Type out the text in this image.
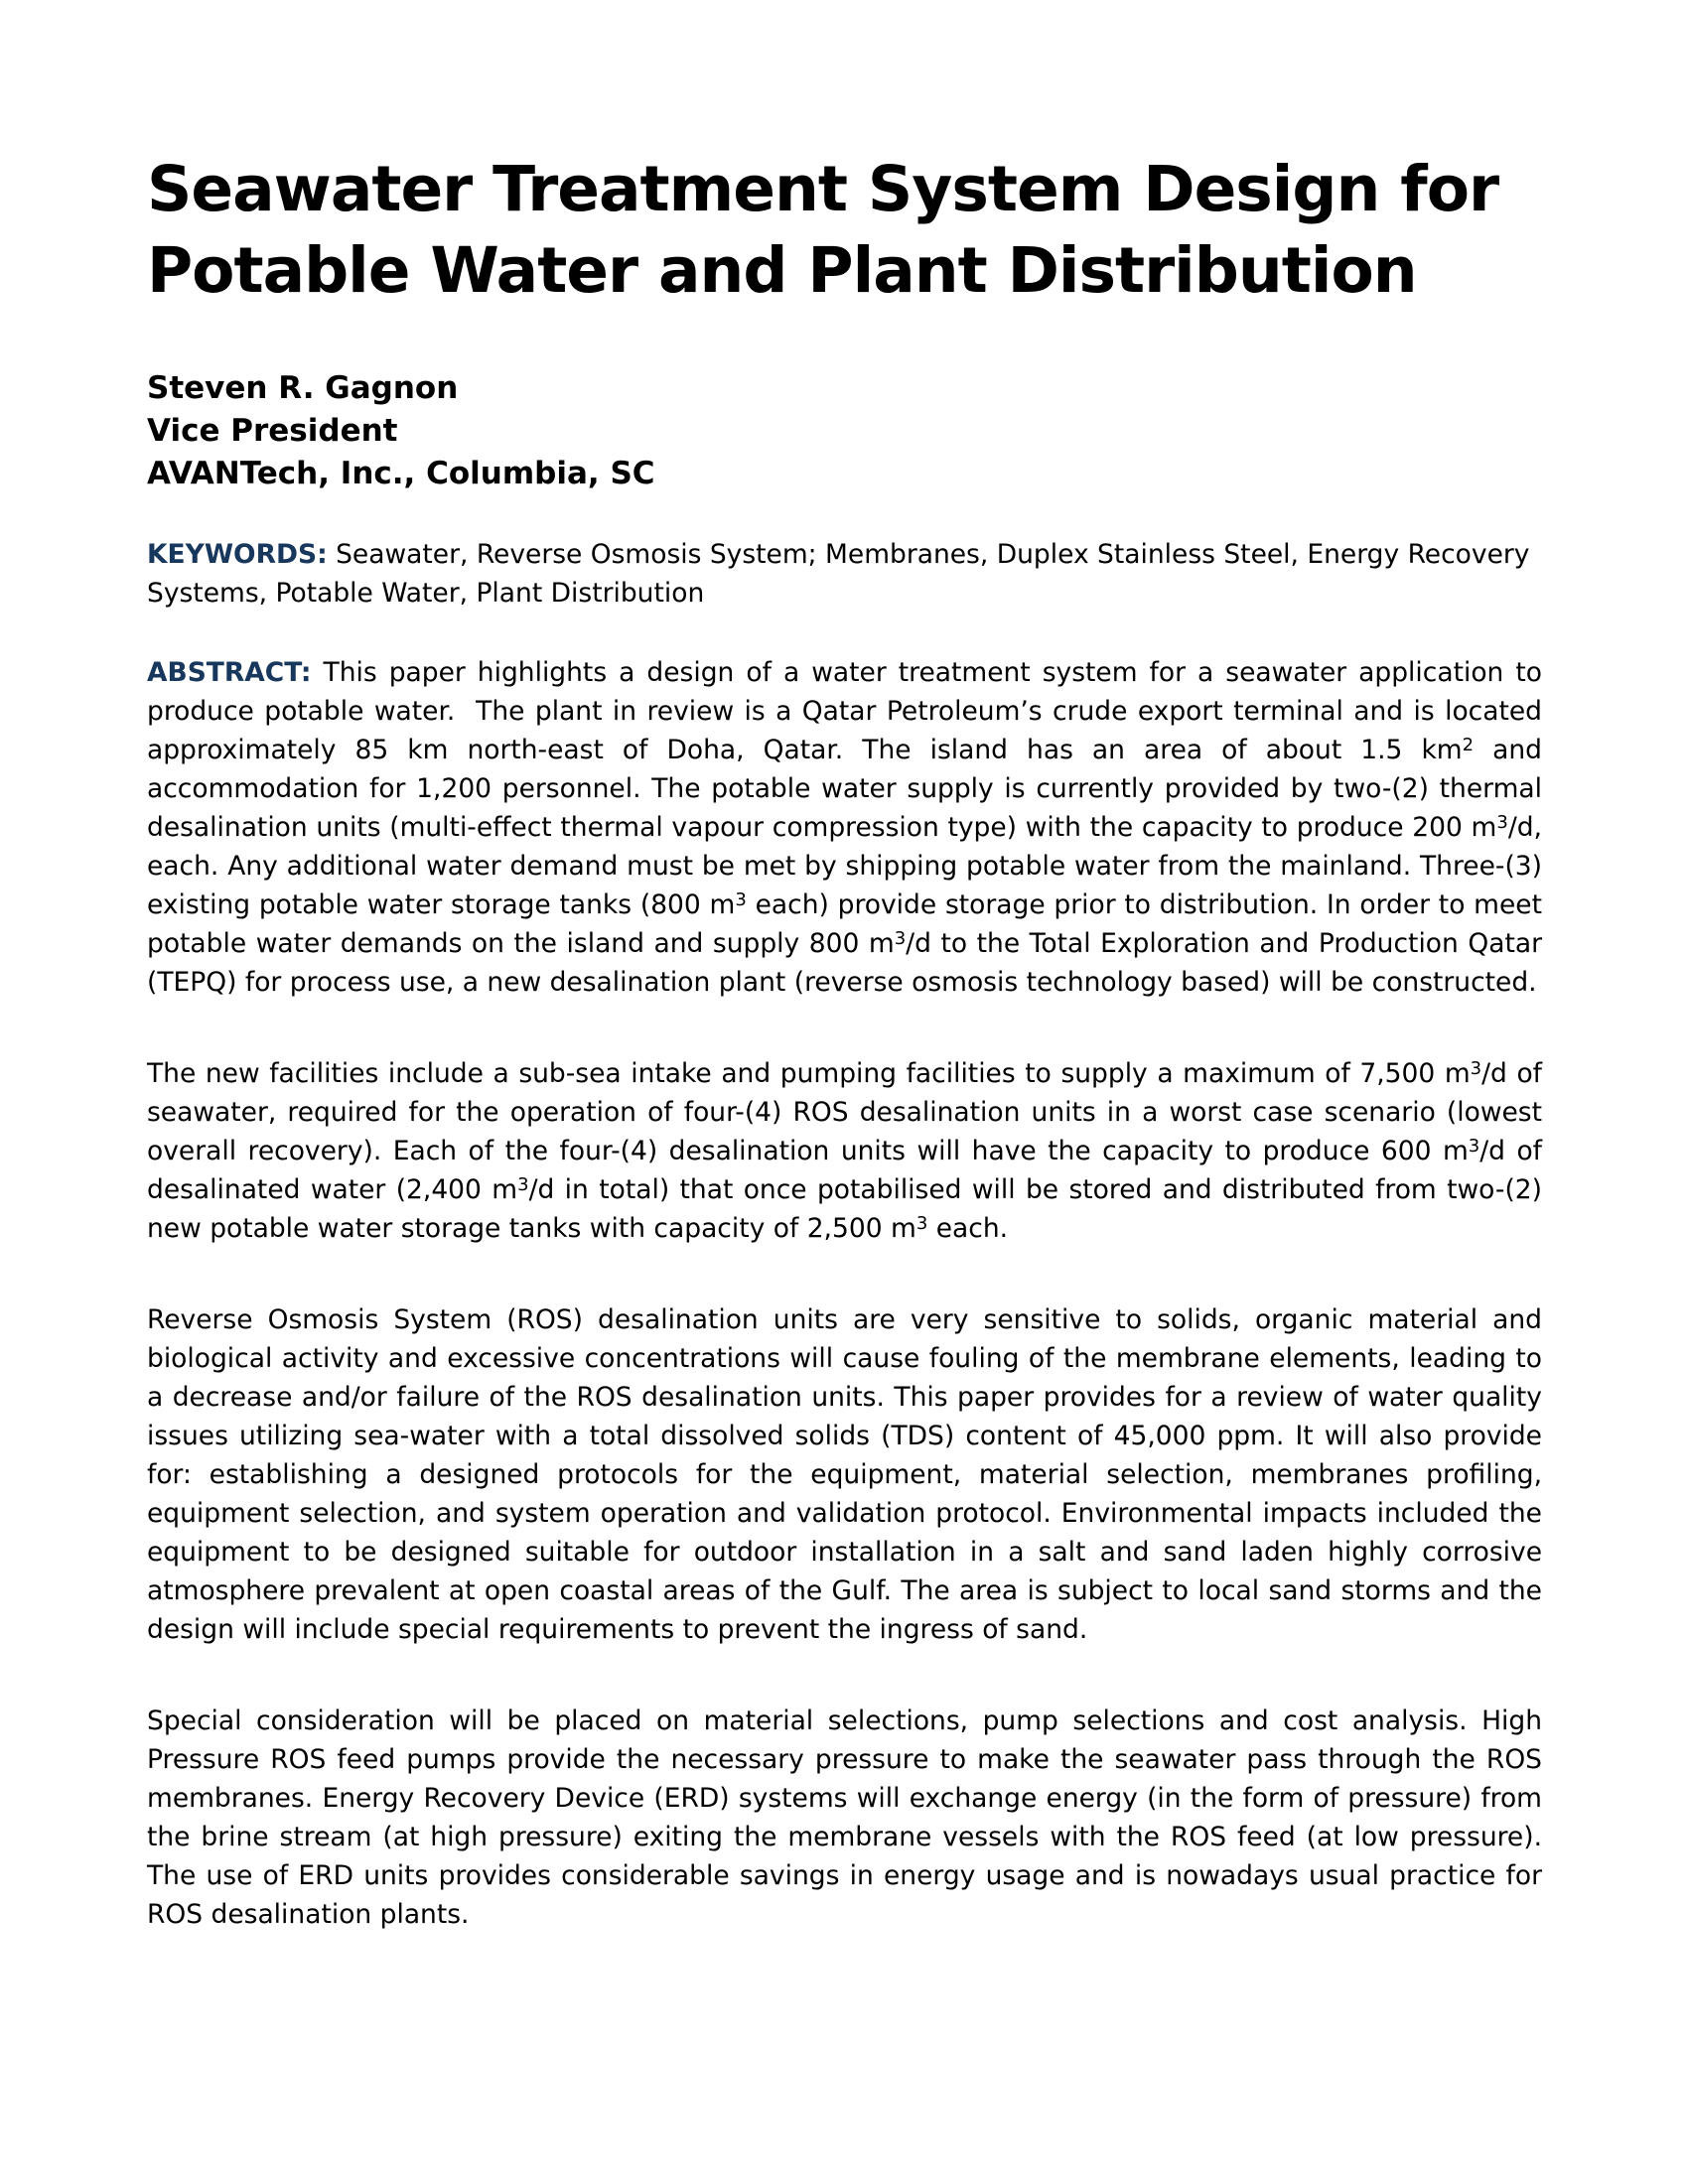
Seawater Treatment System Design for
Potable Water and Plant Distribution
Steven R. Gagnon
Vice President
AVANTech, Inc., Columbia, SC

KEYWORDS: Seawater, Reverse Osmosis System; Membranes, Duplex Stainless Steel, Energy Recovery Systems, Potable Water, Plant Distribution

ABSTRACT: This paper highlights a design of a water treatment system for a seawater application to produce potable water.  The plant in review is a Qatar Petroleum’s crude export terminal and is located approximately 85 km north-east of Doha, Qatar. The island has an area of about 1.5 $km^2$ and accommodation for 1,200 personnel. The potable water supply is currently provided by two-(2) thermal desalination units (multi-effect thermal vapour compression type) with the capacity to produce 200 $m^3/d$, each. Any additional water demand must be met by shipping potable water from the mainland. Three-(3) existing potable water storage tanks (800 $m^3$ each) provide storage prior to distribution. In order to meet potable water demands on the island and supply 800 $m^3/d$ to the Total Exploration and Production Qatar (TEPQ) for process use, a new desalination plant (reverse osmosis technology based) will be constructed.

The new facilities include a sub-sea intake and pumping facilities to supply a maximum of 7,500 $m^3/d$ of seawater, required for the operation of four-(4) ROS desalination units in a worst case scenario (lowest overall recovery). Each of the four-(4) desalination units will have the capacity to produce 600 $m^3/d$ of desalinated water (2,400 $m^3/d$ in total) that once potabilised will be stored and distributed from two-(2) new potable water storage tanks with capacity of 2,500 $m^3$ each.

Reverse Osmosis System (ROS) desalination units are very sensitive to solids, organic material and biological activity and excessive concentrations will cause fouling of the membrane elements, leading to a decrease and/or failure of the ROS desalination units. This paper provides for a review of water quality issues utilizing sea-water with a total dissolved solids (TDS) content of 45,000 ppm. It will also provide for: establishing a designed protocols for the equipment, material selection, membranes profiling, equipment selection, and system operation and validation protocol. Environmental impacts included the equipment to be designed suitable for outdoor installation in a salt and sand laden highly corrosive atmosphere prevalent at open coastal areas of the Gulf. The area is subject to local sand storms and the design will include special requirements to prevent the ingress of sand.

Special consideration will be placed on material selections, pump selections and cost analysis. High Pressure ROS feed pumps provide the necessary pressure to make the seawater pass through the ROS membranes. Energy Recovery Device (ERD) systems will exchange energy (in the form of pressure) from the brine stream (at high pressure) exiting the membrane vessels with the ROS feed (at low pressure). The use of ERD units provides considerable savings in energy usage and is nowadays usual practice for ROS desalination plants.
